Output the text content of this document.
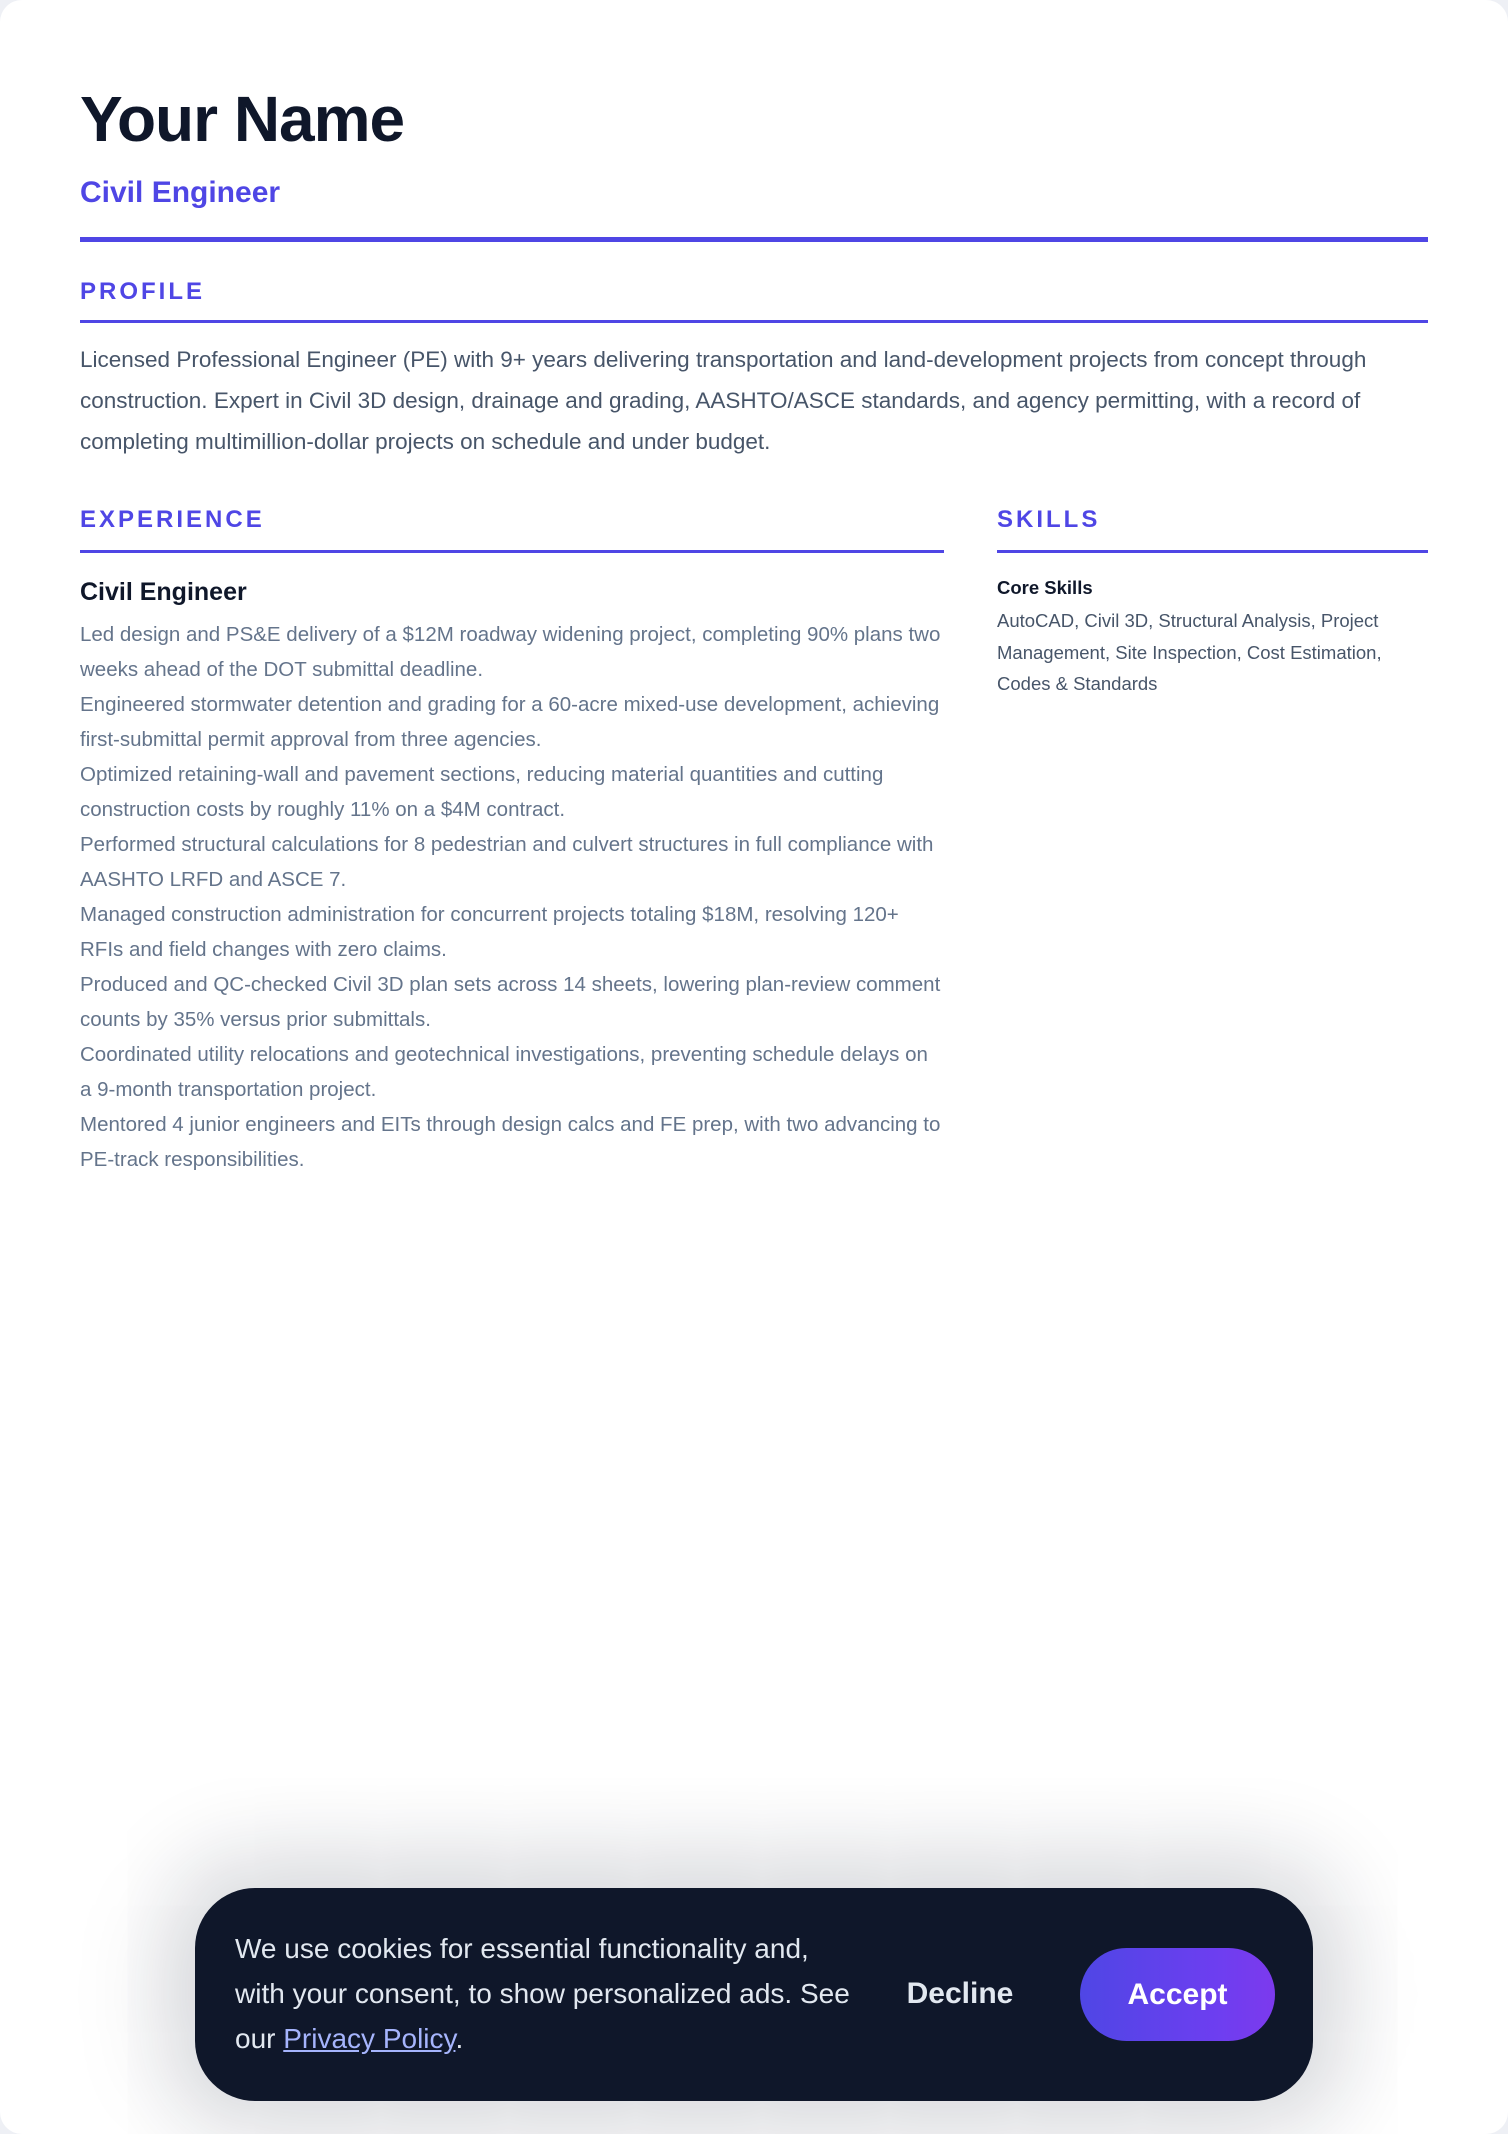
Your Name
Civil Engineer
PROFILE
Licensed Professional Engineer (PE) with 9+ years delivering transportation and land-development projects from concept through construction. Expert in Civil 3D design, drainage and grading, AASHTO/ASCE standards, and agency permitting, with a record of completing multimillion-dollar projects on schedule and under budget.
EXPERIENCE
Civil Engineer
Led design and PS&E delivery of a $12M roadway widening project, completing 90% plans two weeks ahead of the DOT submittal deadline.
Engineered stormwater detention and grading for a 60-acre mixed-use development, achieving first-submittal permit approval from three agencies.
Optimized retaining-wall and pavement sections, reducing material quantities and cutting construction costs by roughly 11% on a $4M contract.
Performed structural calculations for 8 pedestrian and culvert structures in full compliance with AASHTO LRFD and ASCE 7.
Managed construction administration for concurrent projects totaling $18M, resolving 120+ RFIs and field changes with zero claims.
Produced and QC-checked Civil 3D plan sets across 14 sheets, lowering plan-review comment counts by 35% versus prior submittals.
Coordinated utility relocations and geotechnical investigations, preventing schedule delays on a 9-month transportation project.
Mentored 4 junior engineers and EITs through design calcs and FE prep, with two advancing to PE-track responsibilities.
SKILLS
Core Skills
AutoCAD, Civil 3D, Structural Analysis, Project Management, Site Inspection, Cost Estimation, Codes & Standards
We use cookies for essential functionality and, with your consent, to show personalized ads. See our Privacy Policy.
Decline	Accept
